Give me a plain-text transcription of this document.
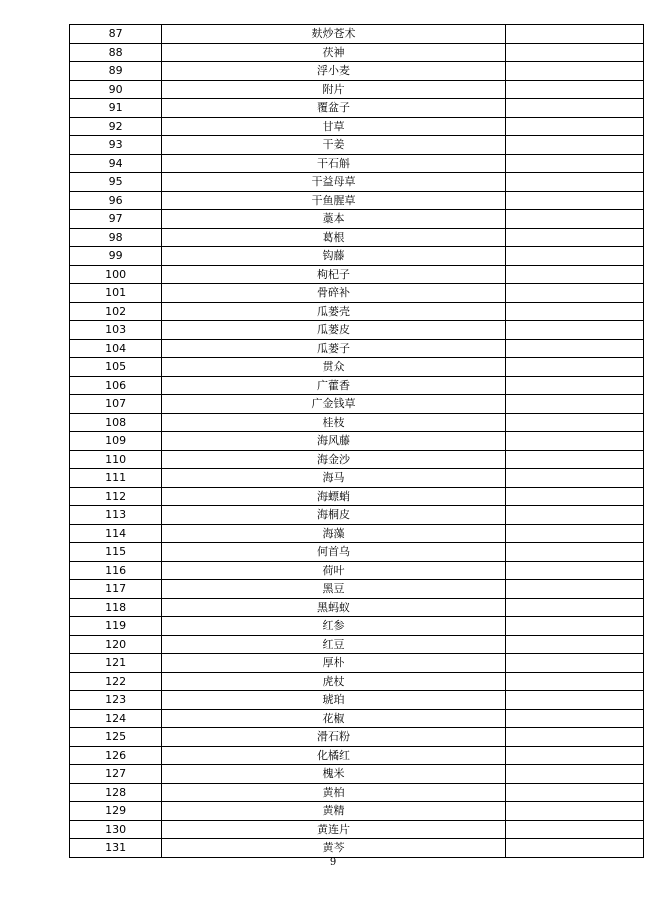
87	麸炒苍术	
88	茯神	
89	浮小麦	
90	附片	
91	覆盆子	
92	甘草	
93	干姜	
94	干石斛	
95	干益母草	
96	干鱼腥草	
97	藁本	
98	葛根	
99	钩藤	
100	枸杞子	
101	骨碎补	
102	瓜蒌壳	
103	瓜蒌皮	
104	瓜蒌子	
105	贯众	
106	广藿香	
107	广金钱草	
108	桂枝	
109	海风藤	
110	海金沙	
111	海马	
112	海螵蛸	
113	海桐皮	
114	海藻	
115	何首乌	
116	荷叶	
117	黑豆	
118	黑蚂蚁	
119	红参	
120	红豆	
121	厚朴	
122	虎杖	
123	琥珀	
124	花椒	
125	滑石粉	
126	化橘红	
127	槐米	
128	黄柏	
129	黄精	
130	黄连片	
131	黄芩	
9
